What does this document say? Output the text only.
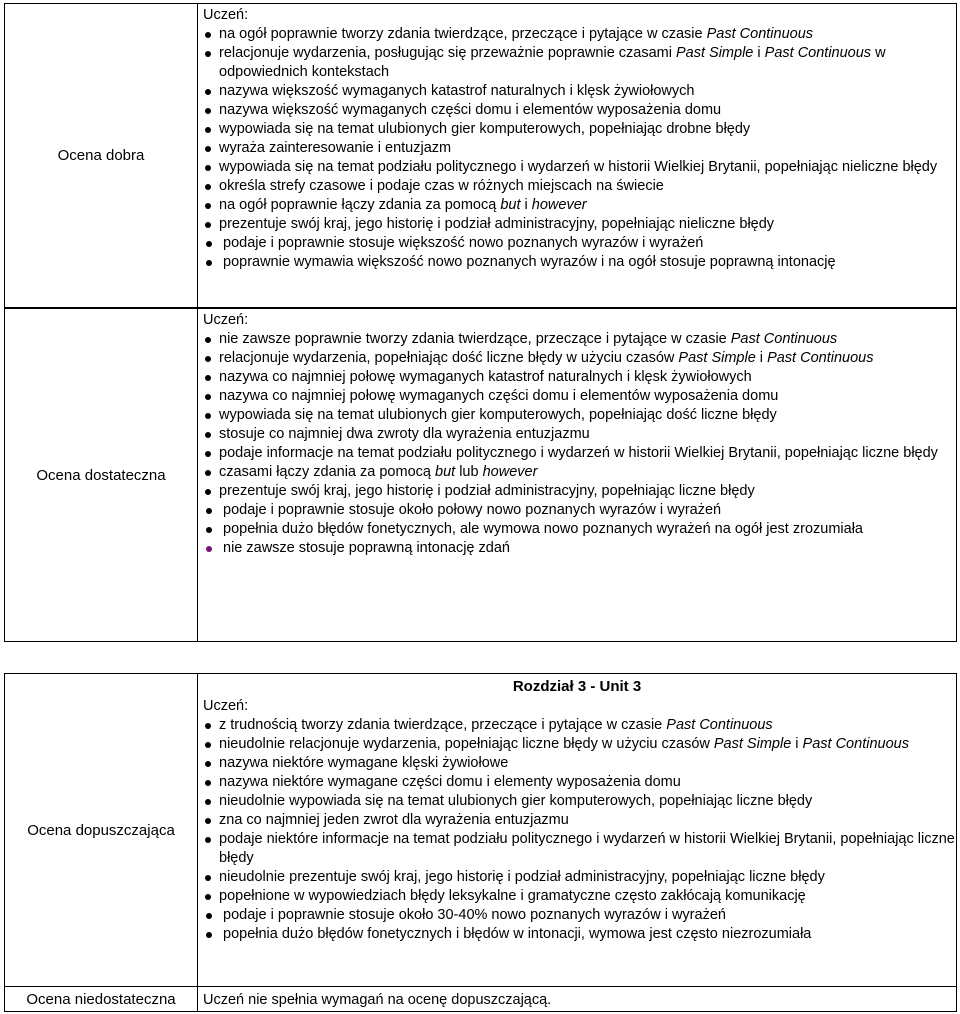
Ocena dobra	
Uczeń:
na ogół poprawnie tworzy zdania twierdzące, przeczące i pytające w czasie Past Continuous
relacjonuje wydarzenia, posługując się przeważnie poprawnie czasami Past Simple i Past Continuous w odpowiednich kontekstach
nazywa większość wymaganych katastrof naturalnych i klęsk żywiołowych
nazywa większość wymaganych części domu i elementów wyposażenia domu
wypowiada się na temat ulubionych gier komputerowych, popełniając drobne błędy
wyraża zainteresowanie i entuzjazm
wypowiada się na temat podziału politycznego i wydarzeń w historii Wielkiej Brytanii, popełniając nieliczne błędy
określa strefy czasowe i podaje czas w różnych miejscach na świecie
na ogół poprawnie łączy zdania za pomocą but i however
prezentuje swój kraj, jego historię i podział administracyjny, popełniając nieliczne błędy
podaje i poprawnie stosuje większość nowo poznanych wyrazów i wyrażeń
poprawnie wymawia większość nowo poznanych wyrazów i na ogół stosuje poprawną intonację
Ocena dostateczna	
Uczeń:
nie zawsze poprawnie tworzy zdania twierdzące, przeczące i pytające w czasie Past Continuous
relacjonuje wydarzenia, popełniając dość liczne błędy w użyciu czasów Past Simple i Past Continuous
nazywa co najmniej połowę wymaganych katastrof naturalnych i klęsk żywiołowych
nazywa co najmniej połowę wymaganych części domu i elementów wyposażenia domu
wypowiada się na temat ulubionych gier komputerowych, popełniając dość liczne błędy
stosuje co najmniej dwa zwroty dla wyrażenia entuzjazmu
podaje informacje na temat podziału politycznego i wydarzeń w historii Wielkiej Brytanii, popełniając liczne błędy
czasami łączy zdania za pomocą but lub however
prezentuje swój kraj, jego historię i podział administracyjny, popełniając liczne błędy
podaje i poprawnie stosuje około połowy nowo poznanych wyrazów i wyrażeń
popełnia dużo błędów fonetycznych, ale wymowa nowo poznanych wyrażeń na ogół jest zrozumiała
nie zawsze stosuje poprawną intonację zdań
Ocena dopuszczająca	
Rozdział 3 - Unit 3
Uczeń:
z trudnością tworzy zdania twierdzące, przeczące i pytające w czasie Past Continuous
nieudolnie relacjonuje wydarzenia, popełniając liczne błędy w użyciu czasów Past Simple i Past Continuous
nazywa niektóre wymagane klęski żywiołowe
nazywa niektóre wymagane części domu i elementy wyposażenia domu
nieudolnie wypowiada się na temat ulubionych gier komputerowych, popełniając liczne błędy
zna co najmniej jeden zwrot dla wyrażenia entuzjazmu
podaje niektóre informacje na temat podziału politycznego i wydarzeń w historii Wielkiej Brytanii, popełniając liczne błędy
nieudolnie prezentuje swój kraj, jego historię i podział administracyjny, popełniając liczne błędy
popełnione w wypowiedziach błędy leksykalne i gramatyczne często zakłócają komunikację
podaje i poprawnie stosuje około 30-40% nowo poznanych wyrazów i wyrażeń
popełnia dużo błędów fonetycznych i błędów w intonacji, wymowa jest często niezrozumiała
Ocena niedostateczna	Uczeń nie spełnia wymagań na ocenę dopuszczającą.
